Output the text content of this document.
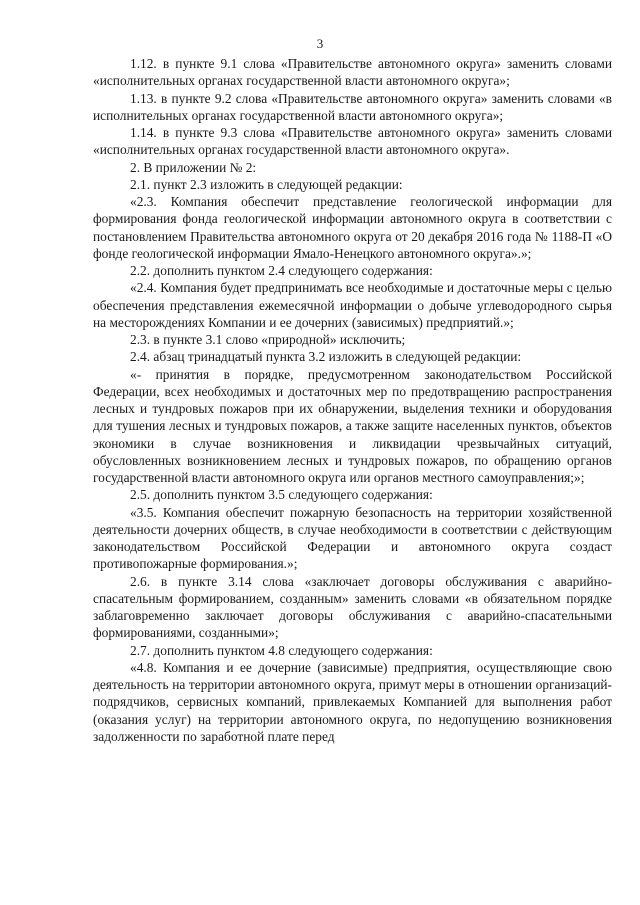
3

1.12. в пункте 9.1 слова «Правительстве автономного округа» заменить словами «исполнительных органах государственной власти автономного округа»;

1.13. в пункте 9.2 слова «Правительстве автономного округа» заменить словами «в исполнительных органах государственной власти автономного округа»;

1.14. в пункте 9.3 слова «Правительстве автономного округа» заменить словами «исполнительных органах государственной власти автономного округа».

2. В приложении № 2:

2.1. пункт 2.3 изложить в следующей редакции:

«2.3. Компания обеспечит представление геологической информации для формирования фонда геологической информации автономного округа в соответствии с постановлением Правительства автономного округа от 20 декабря 2016 года № 1188-П «О фонде геологической информации Ямало-Ненецкого автономного округа».»;

2.2. дополнить пунктом 2.4 следующего содержания:

«2.4. Компания будет предпринимать все необходимые и достаточные меры с целью обеспечения представления ежемесячной информации о добыче углеводородного сырья на месторождениях Компании и ее дочерних (зависимых) предприятий.»;

2.3. в пункте 3.1 слово «природной» исключить;

2.4. абзац тринадцатый пункта 3.2 изложить в следующей редакции:

«- принятия в порядке, предусмотренном законодательством Российской Федерации, всех необходимых и достаточных мер по предотвращению распространения лесных и тундровых пожаров при их обнаружении, выделения техники и оборудования для тушения лесных и тундровых пожаров, а также защите населенных пунктов, объектов экономики в случае возникновения и ликвидации чрезвычайных ситуаций, обусловленных возникновением лесных и тундровых пожаров, по обращению органов государственной власти автономного округа или органов местного самоуправления;»;

2.5. дополнить пунктом 3.5 следующего содержания:

«3.5. Компания обеспечит пожарную безопасность на территории хозяйственной деятельности дочерних обществ, в случае необходимости в соответствии с действующим законодательством Российской Федерации и автономного округа создаст противопожарные формирования.»;

2.6. в пункте 3.14 слова «заключает договоры обслуживания с аварийно-спасательным формированием, созданным» заменить словами «в обязательном порядке заблаговременно заключает договоры обслуживания с аварийно-спасательными формированиями, созданными»;

2.7. дополнить пунктом 4.8 следующего содержания:

«4.8. Компания и ее дочерние (зависимые) предприятия, осуществляющие свою деятельность на территории автономного округа, примут меры в отношении организаций-подрядчиков, сервисных компаний, привлекаемых Компанией для выполнения работ (оказания услуг) на территории автономного округа, по недопущению возникновения задолженности по заработной плате перед
